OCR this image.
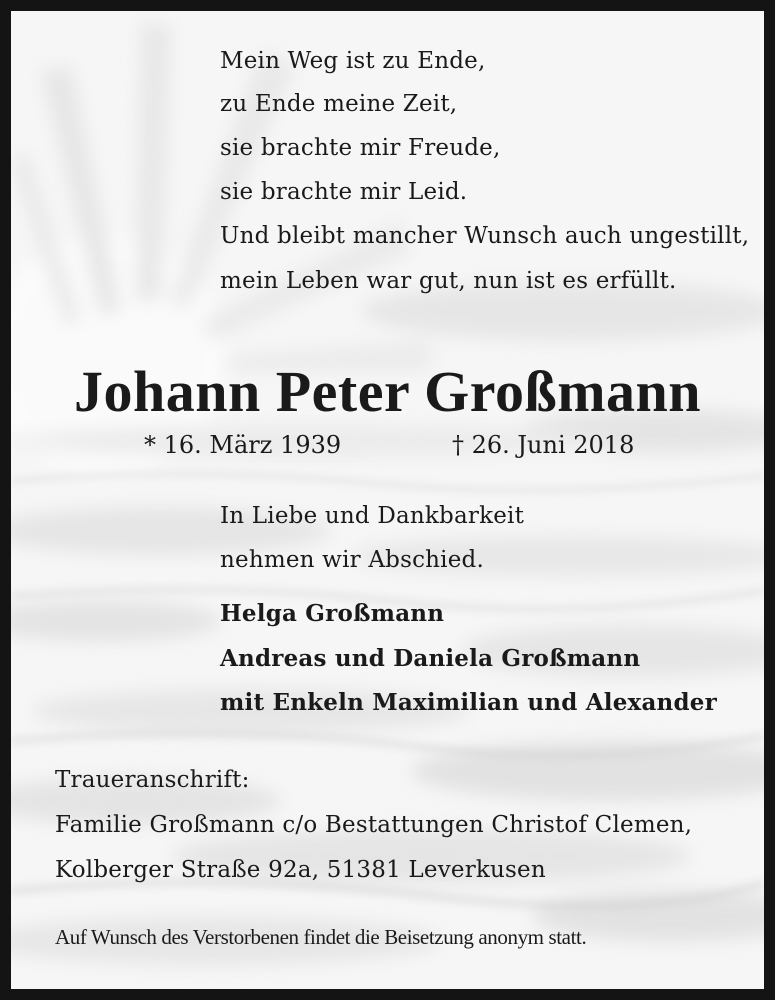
Mein Weg ist zu Ende,
zu Ende meine Zeit,
sie brachte mir Freude,
sie brachte mir Leid.
Und bleibt mancher Wunsch auch ungestillt,
mein Leben war gut, nun ist es erfüllt.
Johann Peter Großmann
* 16. März 1939	† 26. Juni 2018
In Liebe und Dankbarkeit
nehmen wir Abschied.
Helga Großmann
Andreas und Daniela Großmann
mit Enkeln Maximilian und Alexander
Traueranschrift:
Familie Großmann c/o Bestattungen Christof Clemen,
Kolberger Straße 92a, 51381 Leverkusen
Auf Wunsch des Verstorbenen findet die Beisetzung anonym statt.
